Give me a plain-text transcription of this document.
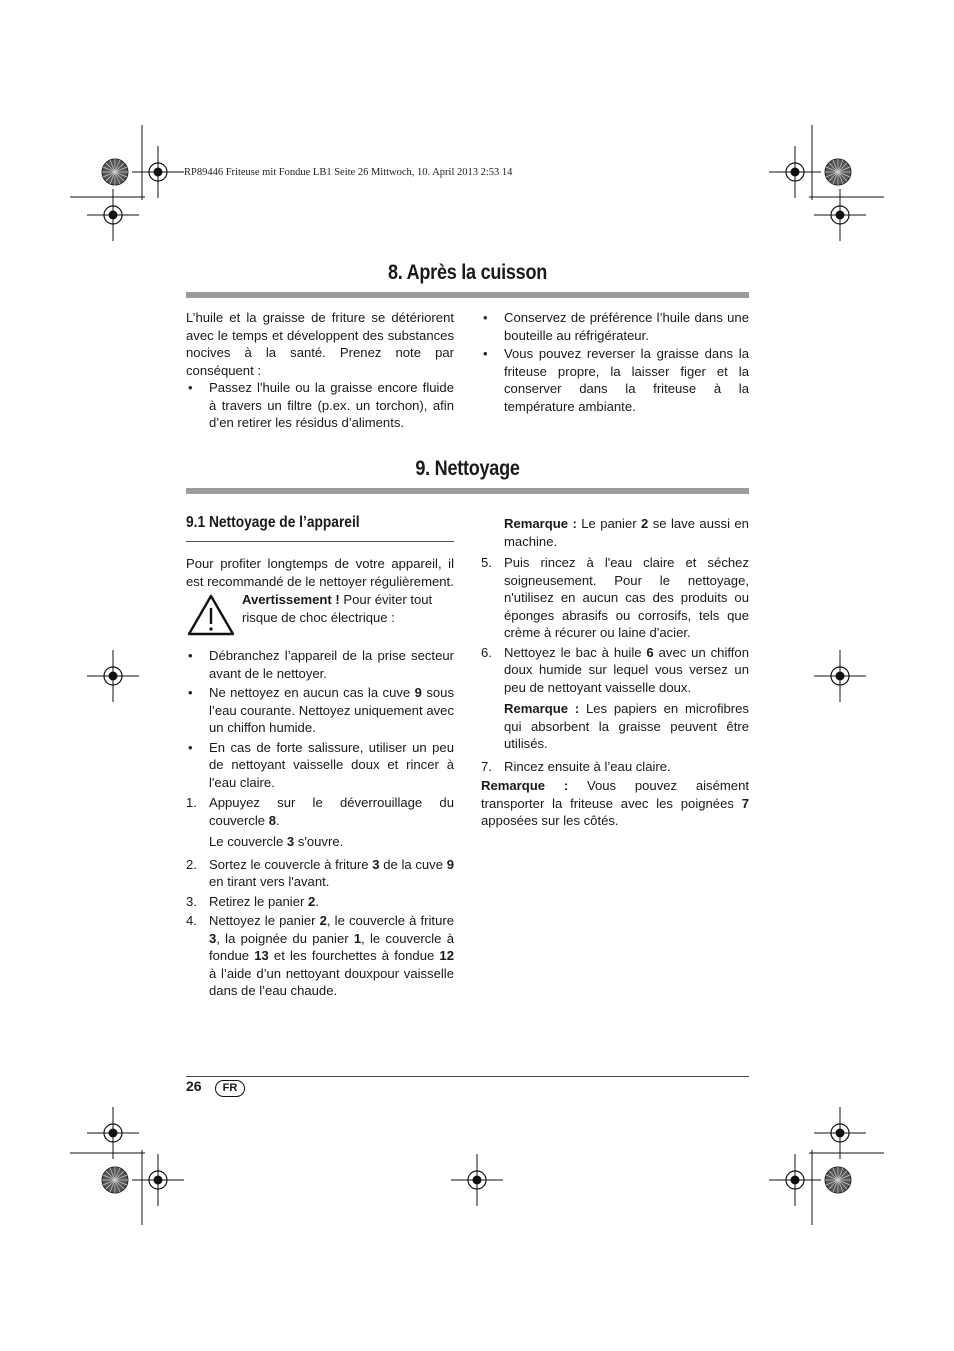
RP89446 Friteuse mit Fondue LB1 Seite 26 Mittwoch, 10. April 2013 2:53 14
8. Après la cuisson

L’huile et la graisse de friture se détériorent avec le temps et développent des substances nocives à la santé. Prenez note par conséquent :

• Passez l'huile ou la graisse encore fluide à travers un filtre (p.ex. un torchon), afin d’en retirer les résidus d’aliments.
• Conservez de préférence l’huile dans une bouteille au réfrigérateur.
• Vous pouvez reverser la graisse dans la friteuse propre, la laisser figer et la conserver dans la friteuse à la température ambiante.
9. Nettoyage
9.1 Nettoyage de l’appareil

Pour profiter longtemps de votre appareil, il est recommandé de le nettoyer régulièrement.

Avertissement ! Pour éviter tout risque de choc électrique :
• Débranchez l’appareil de la prise secteur avant de le nettoyer.
• Ne nettoyez en aucun cas la cuve 9 sous l’eau courante. Nettoyez uniquement avec un chiffon humide.
• En cas de forte salissure, utiliser un peu de nettoyant vaisselle doux et rincer à l'eau claire.
1. Appuyez sur le déverrouillage du couvercle 8.

Le couvercle 3 s'ouvre.

2. Sortez le couvercle à friture 3 de la cuve 9 en tirant vers l'avant.
3. Retirez le panier 2.
4. Nettoyez le panier 2, le couvercle à friture 3, la poignée du panier 1, le couvercle à fondue 13 et les fourchettes à fondue 12 à l’aide d’un nettoyant douxpour vaisselle dans de l’eau chaude.

Remarque : Le panier 2 se lave aussi en machine.

5. Puis rincez à l'eau claire et séchez soigneusement. Pour le nettoyage, n'utilisez en aucun cas des produits ou éponges abrasifs ou corrosifs, tels que crème à récurer ou laine d'acier.
6. Nettoyez le bac à huile 6 avec un chiffon doux humide sur lequel vous versez un peu de nettoyant vaisselle doux.

Remarque : Les papiers en microfibres qui absorbent la graisse peuvent être utilisés.

7. Rincez ensuite à l’eau claire.

Remarque : Vous pouvez aisément transporter la friteuse avec les poignées 7 apposées sur les côtés.

26	FR
